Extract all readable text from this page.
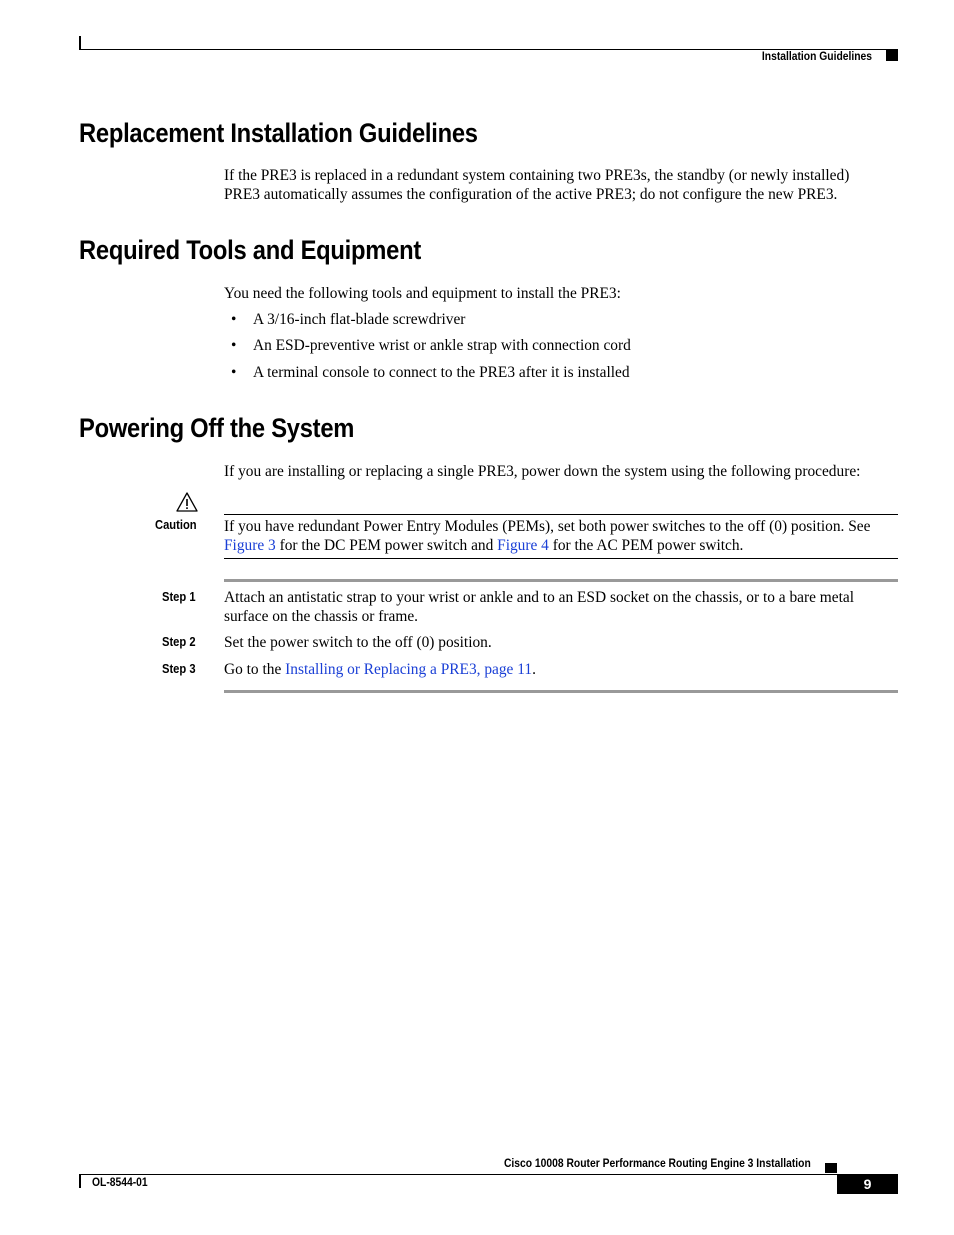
Installation Guidelines
Replacement Installation Guidelines
If the PRE3 is replaced in a redundant system containing two PRE3s, the standby (or newly installed)
PRE3 automatically assumes the configuration of the active PRE3; do not configure the new PRE3.
Required Tools and Equipment
You need the following tools and equipment to install the PRE3:
• A 3/16-inch flat-blade screwdriver
• An ESD-preventive wrist or ankle strap with connection cord
• A terminal console to connect to the PRE3 after it is installed
Powering Off the System
If you are installing or replacing a single PRE3, power down the system using the following procedure:
Caution	If you have redundant Power Entry Modules (PEMs), set both power switches to the off (0) position. See
Figure 3 for the DC PEM power switch and Figure 4 for the AC PEM power switch.
Step 1	Attach an antistatic strap to your wrist or ankle and to an ESD socket on the chassis, or to a bare metal
surface on the chassis or frame.
Step 2	Set the power switch to the off (0) position.
Step 3	Go to the Installing or Replacing a PRE3, page 11.
Cisco 10008 Router Performance Routing Engine 3 Installation
OL-8544-01	9
